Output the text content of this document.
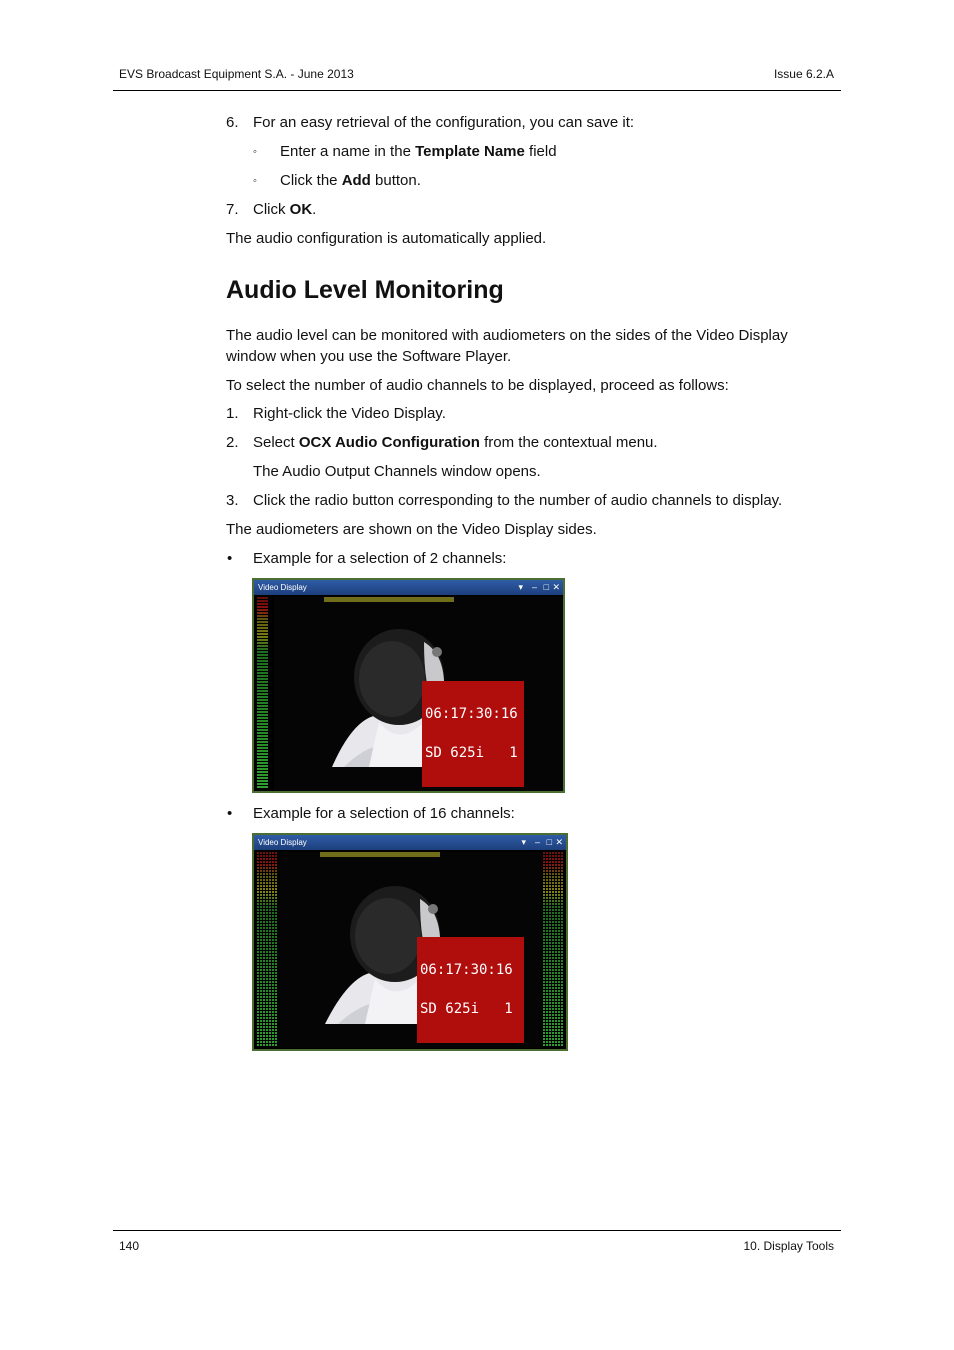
EVS Broadcast Equipment S.A. - June 2013	Issue 6.2.A
6. For an easy retrieval of the configuration, you can save it:
◦ Enter a name in the Template Name field
◦ Click the Add button.
7. Click OK.
The audio configuration is automatically applied.
Audio Level Monitoring
The audio level can be monitored with audiometers on the sides of the Video Display window when you use the Software Player.
To select the number of audio channels to be displayed, proceed as follows:
1. Right-click the Video Display.
2. Select OCX Audio Configuration from the contextual menu.
The Audio Output Channels window opens.
3. Click the radio button corresponding to the number of audio channels to display.
The audiometers are shown on the Video Display sides.
• Example for a selection of 2 channels:
• Example for a selection of 16 channels:
Video Display	▾ – □ ✕

06:17:30:16

SD 625i   1

Video Display	▾ – □ ✕

06:17:30:16

SD 625i   1

140	10. Display Tools
